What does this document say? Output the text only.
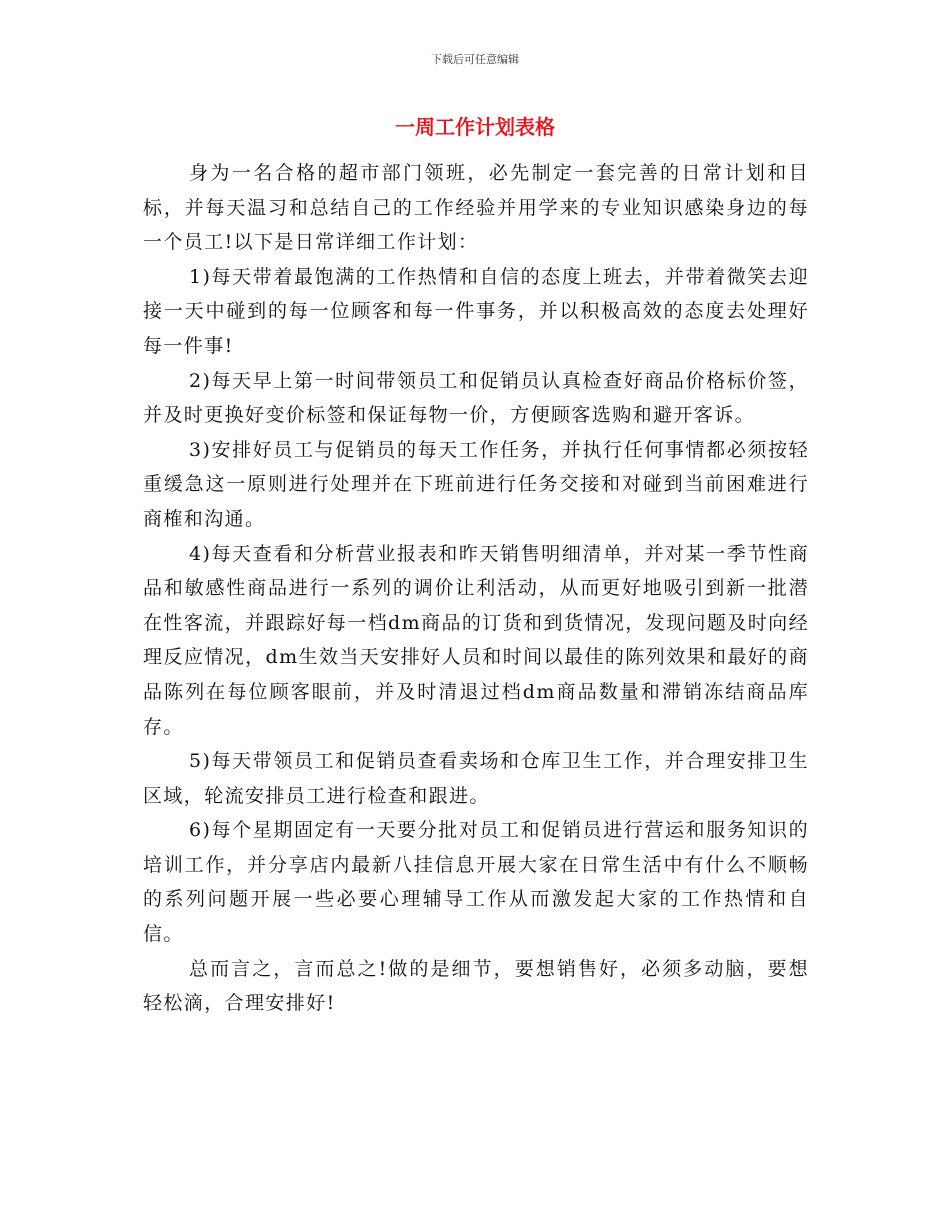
下载后可任意编辑
一周工作计划表格

身为一名合格的超市部门领班，必先制定一套完善的日常计划和目标，并每天温习和总结自己的工作经验并用学来的专业知识感染身边的每一个员工!以下是日常详细工作计划：

1)每天带着最饱满的工作热情和自信的态度上班去，并带着微笑去迎接一天中碰到的每一位顾客和每一件事务，并以积极高效的态度去处理好每一件事!

2)每天早上第一时间带领员工和促销员认真检查好商品价格标价签，并及时更换好变价标签和保证每物一价，方便顾客选购和避开客诉。

3)安排好员工与促销员的每天工作任务，并执行任何事情都必须按轻重缓急这一原则进行处理并在下班前进行任务交接和对碰到当前困难进行商榷和沟通。

4)每天查看和分析营业报表和昨天销售明细清单，并对某一季节性商品和敏感性商品进行一系列的调价让利活动，从而更好地吸引到新一批潜在性客流，并跟踪好每一档dm商品的订货和到货情况，发现问题及时向经理反应情况，dm生效当天安排好人员和时间以最佳的陈列效果和最好的商品陈列在每位顾客眼前，并及时清退过档dm商品数量和滞销冻结商品库存。

5)每天带领员工和促销员查看卖场和仓库卫生工作，并合理安排卫生区域，轮流安排员工进行检查和跟进。

6)每个星期固定有一天要分批对员工和促销员进行营运和服务知识的培训工作，并分享店内最新八挂信息开展大家在日常生活中有什么不顺畅的系列问题开展一些必要心理辅导工作从而激发起大家的工作热情和自信。

总而言之，言而总之!做的是细节，要想销售好，必须多动脑，要想轻松滴，合理安排好!
